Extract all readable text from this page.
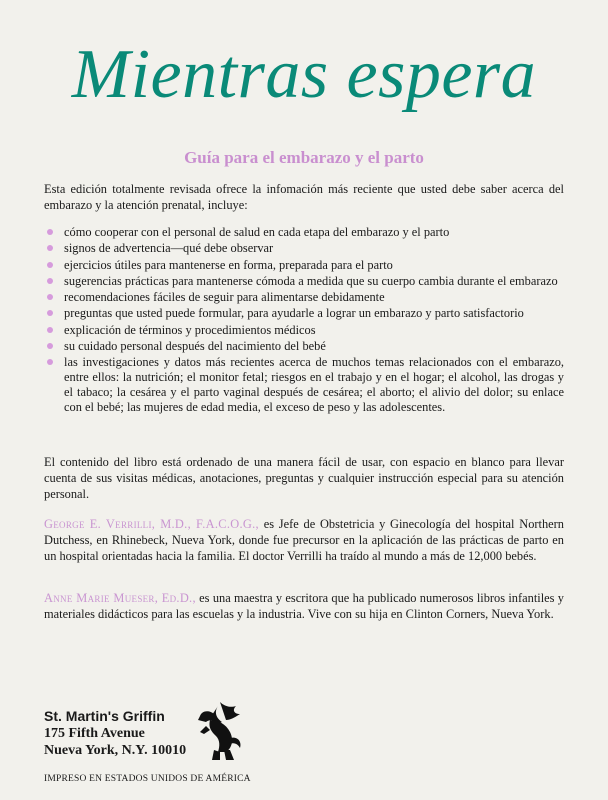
Mientras espera
Guía para el embarazo y el parto
Esta edición totalmente revisada ofrece la infomación más reciente que usted debe saber acerca del embarazo y la atención prenatal, incluye:
cómo cooperar con el personal de salud en cada etapa del embarazo y el parto
signos de advertencia—qué debe observar
ejercicios útiles para mantenerse en forma, preparada para el parto
sugerencias prácticas para mantenerse cómoda a medida que su cuerpo cambia durante el embarazo
recomendaciones fáciles de seguir para alimentarse debidamente
preguntas que usted puede formular, para ayudarle a lograr un embarazo y parto satisfactorio
explicación de términos y procedimientos médicos
su cuidado personal después del nacimiento del bebé
las investigaciones y datos más recientes acerca de muchos temas relacionados con el embarazo, entre ellos: la nutrición; el monitor fetal; riesgos en el trabajo y en el hogar; el alcohol, las drogas y el tabaco; la cesárea y el parto vaginal después de cesárea; el aborto; el alivio del dolor; su enlace con el bebé; las mujeres de edad media, el exceso de peso y las adolescentes.
El contenido del libro está ordenado de una manera fácil de usar, con espacio en blanco para llevar cuenta de sus visitas médicas, anotaciones, preguntas y cualquier instrucción especial para su atención personal.
George E. Verrilli, M.D., F.A.C.O.G., es Jefe de Obstetricia y Ginecología del hospital Northern Dutchess, en Rhinebeck, Nueva York, donde fue precursor en la aplicación de las prácticas de parto en un hospital orientadas hacia la familia. El doctor Verrilli ha traído al mundo a más de 12,000 bebés.
Anne Marie Mueser, Ed.D., es una maestra y escritora que ha publicado numerosos libros infantiles y materiales didácticos para las escuelas y la industria. Vive con su hija en Clinton Corners, Nueva York.
St. Martin's Griffin
175 Fifth Avenue
Nueva York, N.Y. 10010
IMPRESO EN ESTADOS UNIDOS DE AMÉRICA
